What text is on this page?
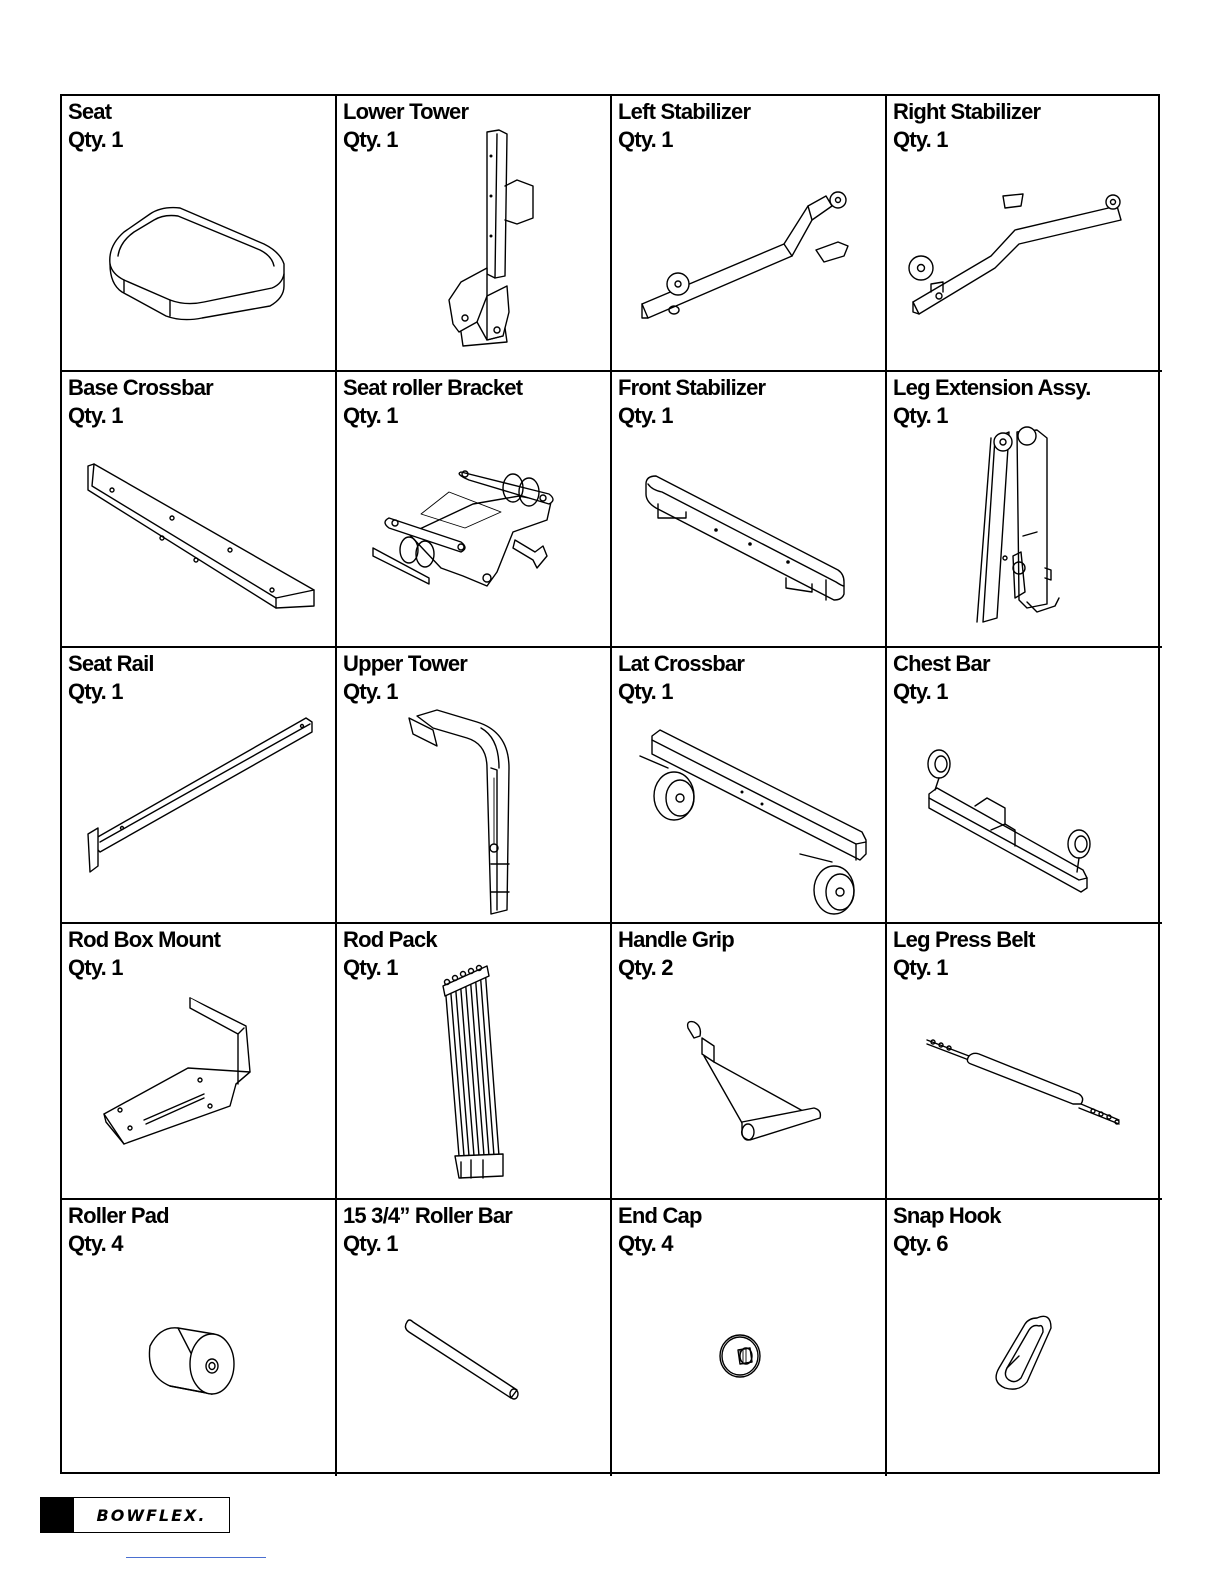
Seat
Qty. 1
Lower Tower
Qty. 1
Left Stabilizer
Qty. 1
Right Stabilizer
Qty. 1
Base Crossbar
Qty. 1
Seat roller Bracket
Qty. 1
Front Stabilizer
Qty. 1
Leg Extension Assy.
Qty. 1
Seat Rail
Qty. 1
Upper Tower
Qty. 1
Lat Crossbar
Qty. 1
Chest Bar
Qty. 1
Rod Box Mount
Qty. 1
Rod Pack
Qty. 1
Handle Grip
Qty. 2
Leg Press Belt
Qty. 1
Roller Pad
Qty. 4
15 3/4” Roller Bar
Qty. 1
End Cap
Qty. 4
Snap Hook
Qty. 6
BOWFLEX.
